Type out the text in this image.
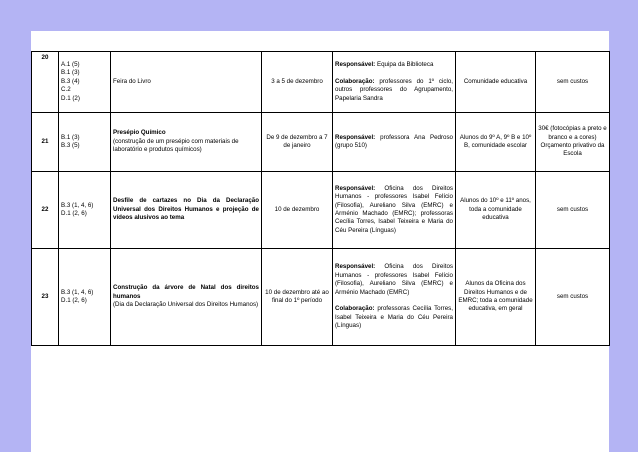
20	A.1 (5)
B.1 (3)
B.3 (4)
C.2
D.1 (2)	Feira do Livro	3 a 5 de dezembro	Responsável: Equipa da Biblioteca

Colaboração: professores do 1º ciclo, outros professores do Agrupamento, Papelaria Sandra	Comunidade educativa	sem custos
21	B.1 (3)
B.3 (5)	Presépio Químico
(construção de um presépio com materiais de laboratório e produtos químicos)	De 9 de dezembro a 7 de janeiro	Responsável: professora Ana Pedroso (grupo 510)	Alunos do 9º A, 9º B e 10º B, comunidade escolar	30€ (fotocópias a preto e branco e a cores) Orçamento privativo da Escola
22	B.3 (1, 4, 6)
D.1 (2, 6)	Desfile de cartazes no Dia da Declaração Universal dos Direitos Humanos e projeção de vídeos alusivos ao tema	10 de dezembro	Responsável: Oficina dos Direitos Humanos - professores Isabel Felício (Filosofia), Aureliano Silva (EMRC) e Arménio Machado (EMRC); professoras Cecília Torres, Isabel Teixeira e Maria do Céu Pereira (Línguas)	Alunos do 10º e 11º anos, toda a comunidade educativa	sem custos
23	B.3 (1, 4, 6)
D.1 (2, 6)	Construção da árvore de Natal dos direitos humanos
(Dia da Declaração Universal dos Direitos Humanos)	10 de dezembro até ao final do 1º período	Responsável: Oficina dos Direitos Humanos - professores Isabel Felício (Filosofia), Aureliano Silva (EMRC) e Arménio Machado (EMRC)

Colaboração: professoras Cecília Torres, Isabel Teixeira e Maria do Céu Pereira (Línguas)	Alunos da Oficina dos Direitos Humanos e de EMRC; toda a comunidade educativa, em geral	sem custos
